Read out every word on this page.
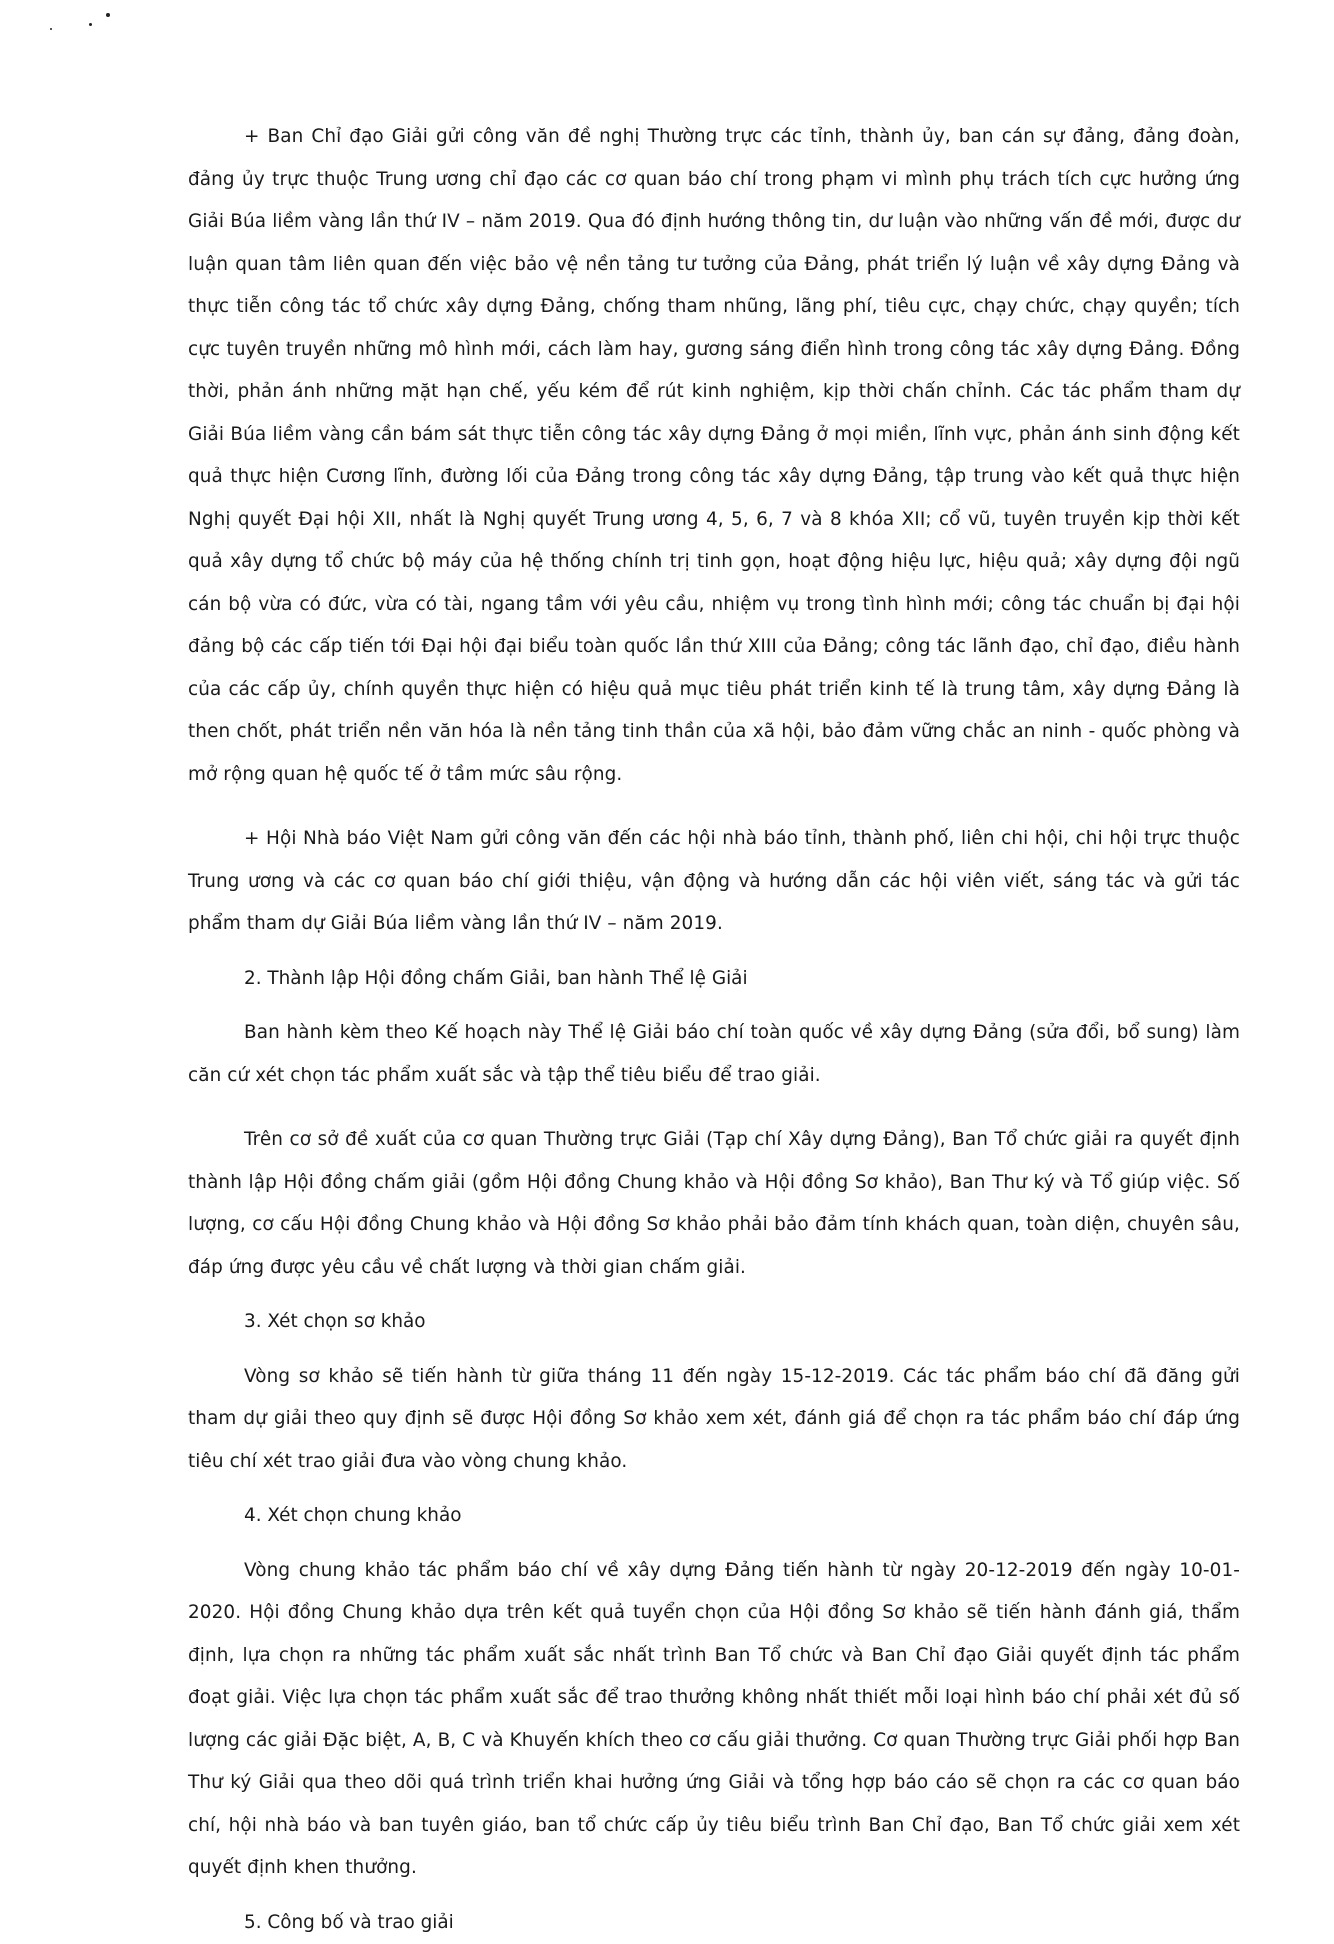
+ Ban Chỉ đạo Giải gửi công văn đề nghị Thường trực các tỉnh, thành ủy, ban cán sự đảng, đảng đoàn, đảng ủy trực thuộc Trung ương chỉ đạo các cơ quan báo chí trong phạm vi mình phụ trách tích cực hưởng ứng Giải Búa liềm vàng lần thứ IV – năm 2019. Qua đó định hướng thông tin, dư luận vào những vấn đề mới, được dư luận quan tâm liên quan đến việc bảo vệ nền tảng tư tưởng của Đảng, phát triển lý luận về xây dựng Đảng và thực tiễn công tác tổ chức xây dựng Đảng, chống tham nhũng, lãng phí, tiêu cực, chạy chức, chạy quyền; tích cực tuyên truyền những mô hình mới, cách làm hay, gương sáng điển hình trong công tác xây dựng Đảng. Đồng thời, phản ánh những mặt hạn chế, yếu kém để rút kinh nghiệm, kịp thời chấn chỉnh. Các tác phẩm tham dự Giải Búa liềm vàng cần bám sát thực tiễn công tác xây dựng Đảng ở mọi miền, lĩnh vực, phản ánh sinh động kết quả thực hiện Cương lĩnh, đường lối của Đảng trong công tác xây dựng Đảng, tập trung vào kết quả thực hiện Nghị quyết Đại hội XII, nhất là Nghị quyết Trung ương 4, 5, 6, 7 và 8 khóa XII; cổ vũ, tuyên truyền kịp thời kết quả xây dựng tổ chức bộ máy của hệ thống chính trị tinh gọn, hoạt động hiệu lực, hiệu quả; xây dựng đội ngũ cán bộ vừa có đức, vừa có tài, ngang tầm với yêu cầu, nhiệm vụ trong tình hình mới; công tác chuẩn bị đại hội đảng bộ các cấp tiến tới Đại hội đại biểu toàn quốc lần thứ XIII của Đảng; công tác lãnh đạo, chỉ đạo, điều hành của các cấp ủy, chính quyền thực hiện có hiệu quả mục tiêu phát triển kinh tế là trung tâm, xây dựng Đảng là then chốt, phát triển nền văn hóa là nền tảng tinh thần của xã hội, bảo đảm vững chắc an ninh - quốc phòng và mở rộng quan hệ quốc tế ở tầm mức sâu rộng.

+ Hội Nhà báo Việt Nam gửi công văn đến các hội nhà báo tỉnh, thành phố, liên chi hội, chi hội trực thuộc Trung ương và các cơ quan báo chí giới thiệu, vận động và hướng dẫn các hội viên viết, sáng tác và gửi tác phẩm tham dự Giải Búa liềm vàng lần thứ IV – năm 2019.

2. Thành lập Hội đồng chấm Giải, ban hành Thể lệ Giải

Ban hành kèm theo Kế hoạch này Thể lệ Giải báo chí toàn quốc về xây dựng Đảng (sửa đổi, bổ sung) làm căn cứ xét chọn tác phẩm xuất sắc và tập thể tiêu biểu để trao giải.

Trên cơ sở đề xuất của cơ quan Thường trực Giải (Tạp chí Xây dựng Đảng), Ban Tổ chức giải ra quyết định thành lập Hội đồng chấm giải (gồm Hội đồng Chung khảo và Hội đồng Sơ khảo), Ban Thư ký và Tổ giúp việc. Số lượng, cơ cấu Hội đồng Chung khảo và Hội đồng Sơ khảo phải bảo đảm tính khách quan, toàn diện, chuyên sâu, đáp ứng được yêu cầu về chất lượng và thời gian chấm giải.

3. Xét chọn sơ khảo

Vòng sơ khảo sẽ tiến hành từ giữa tháng 11 đến ngày 15-12-2019. Các tác phẩm báo chí đã đăng gửi tham dự giải theo quy định sẽ được Hội đồng Sơ khảo xem xét, đánh giá để chọn ra tác phẩm báo chí đáp ứng tiêu chí xét trao giải đưa vào vòng chung khảo.

4. Xét chọn chung khảo

Vòng chung khảo tác phẩm báo chí về xây dựng Đảng tiến hành từ ngày 20-12-2019 đến ngày 10-01-2020. Hội đồng Chung khảo dựa trên kết quả tuyển chọn của Hội đồng Sơ khảo sẽ tiến hành đánh giá, thẩm định, lựa chọn ra những tác phẩm xuất sắc nhất trình Ban Tổ chức và Ban Chỉ đạo Giải quyết định tác phẩm đoạt giải. Việc lựa chọn tác phẩm xuất sắc để trao thưởng không nhất thiết mỗi loại hình báo chí phải xét đủ số lượng các giải Đặc biệt, A, B, C và Khuyến khích theo cơ cấu giải thưởng. Cơ quan Thường trực Giải phối hợp Ban Thư ký Giải qua theo dõi quá trình triển khai hưởng ứng Giải và tổng hợp báo cáo sẽ chọn ra các cơ quan báo chí, hội nhà báo và ban tuyên giáo, ban tổ chức cấp ủy tiêu biểu trình Ban Chỉ đạo, Ban Tổ chức giải xem xét quyết định khen thưởng.

5. Công bố và trao giải
